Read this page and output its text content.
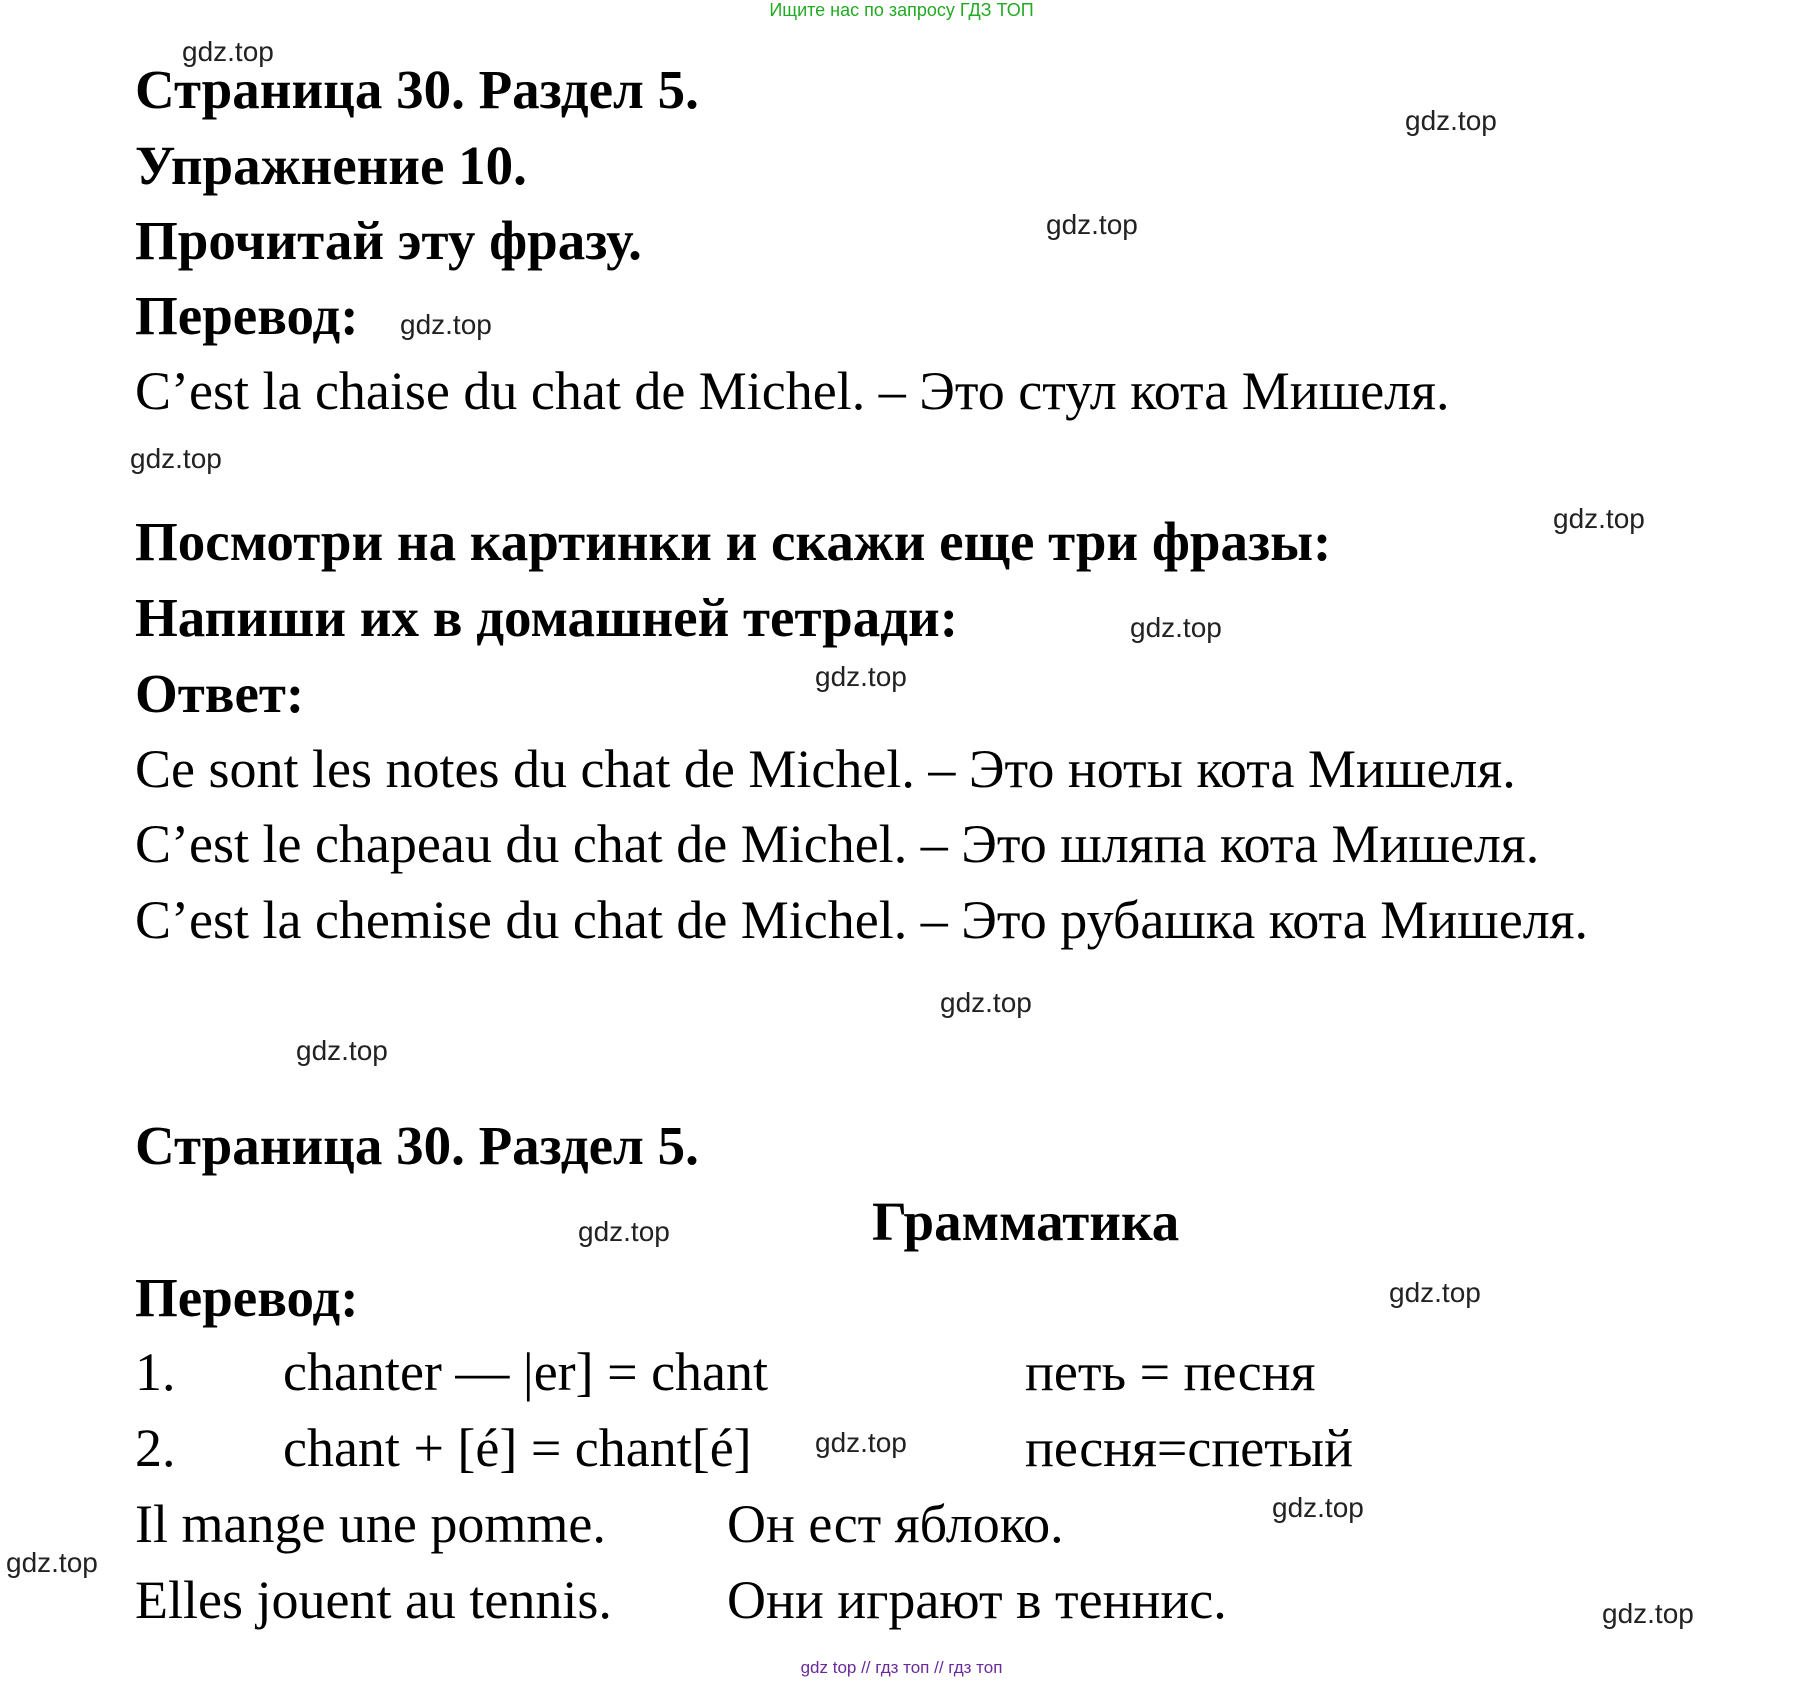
Ищите нас по запросу ГДЗ ТОП
Страница 30. Раздел 5.
Упражнение 10.
Прочитай эту фразу.
Перевод:
C’est la chaise du chat de Michel. – Это стул кота Мишеля.
Посмотри на картинки и скажи еще три фразы:
Напиши их в домашней тетради:
Ответ:
Ce sont les notes du chat de Michel. – Это ноты кота Мишеля.
C’est le chapeau du chat de Michel. – Это шляпа кота Мишеля.
C’est la chemise du chat de Michel. – Это рубашка кота Мишеля.
Страница 30. Раздел 5.
Грамматика
Перевод:
1. chanter — |er] = chant	петь = песня
2. chant + [é] = chant[é]	песня=спетый
Il mange une pomme. Он ест яблоко.
Elles jouent au tennis. Они играют в теннис.
gdz.top
gdz.top
gdz.top
gdz.top
gdz.top
gdz.top
gdz.top
gdz.top
gdz.top
gdz.top
gdz.top
gdz.top
gdz.top
gdz.top
gdz.top
gdz.top
gdz top // гдз топ // гдз топ
